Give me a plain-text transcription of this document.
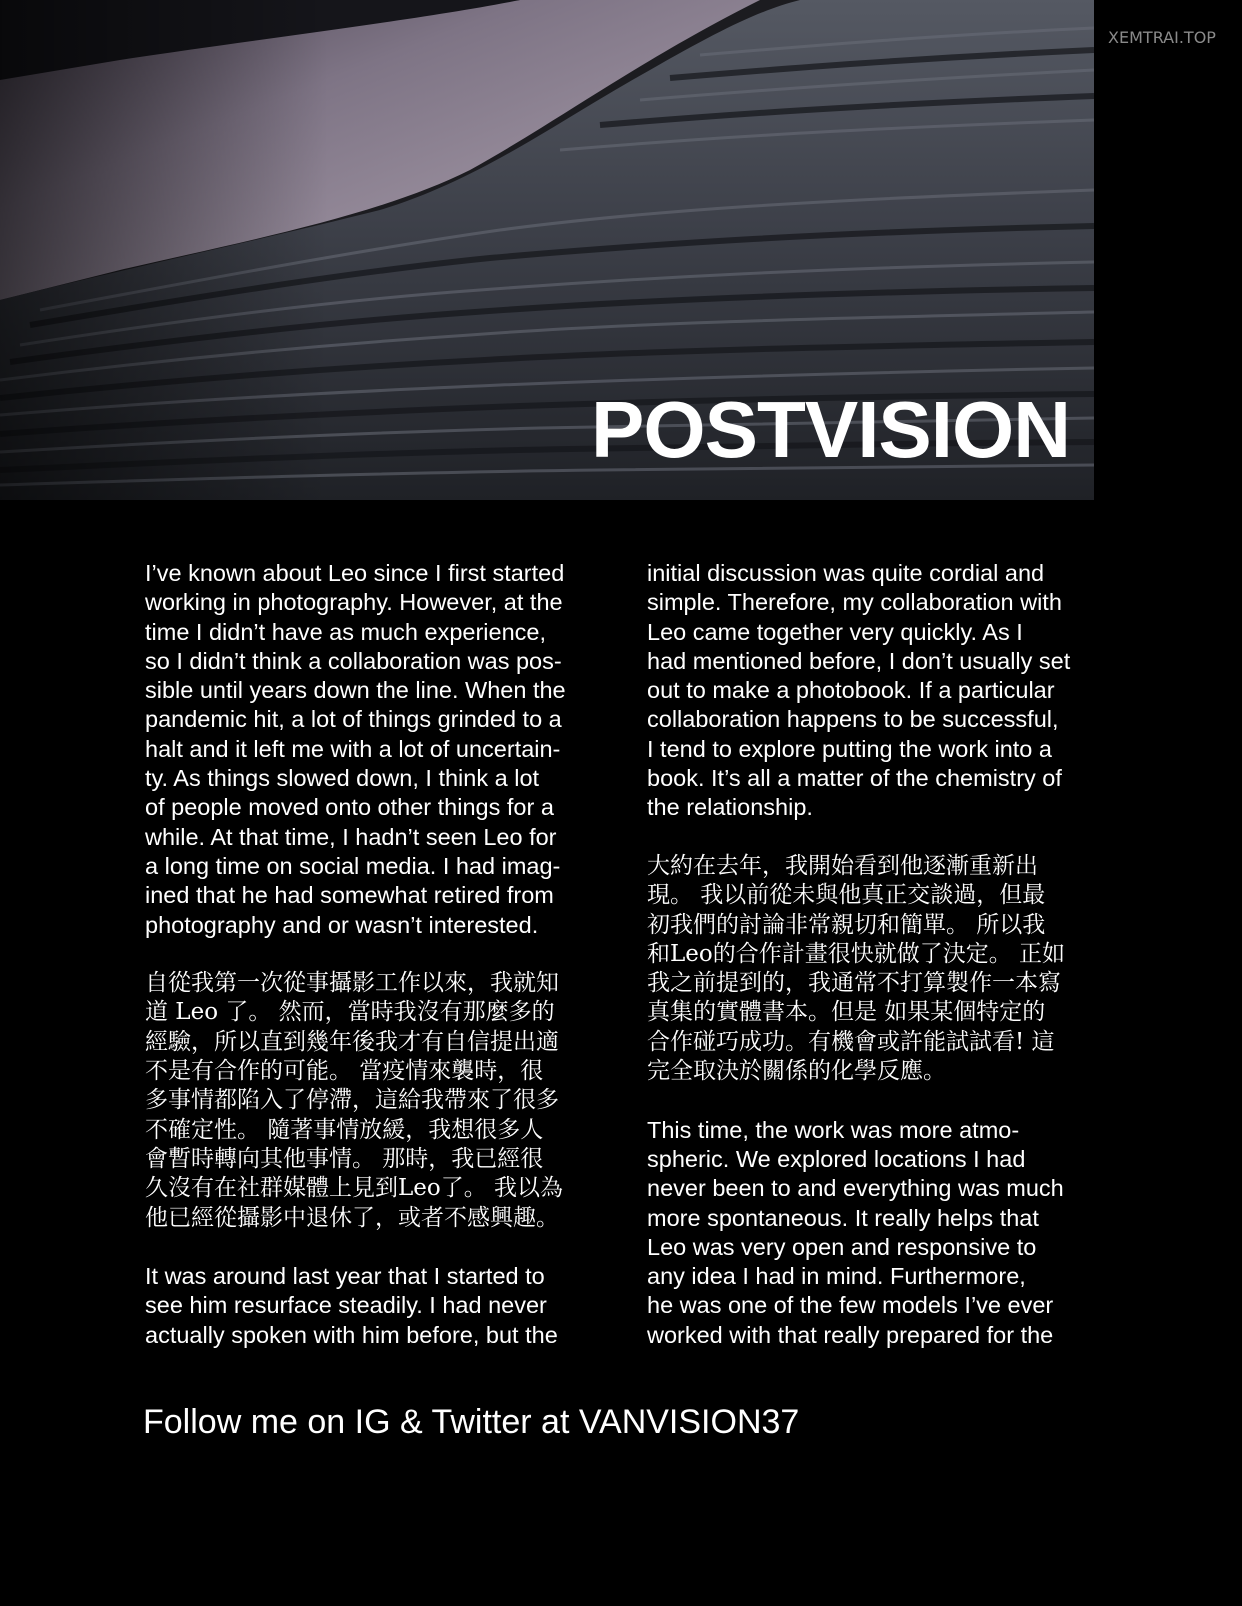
POSTVISION
XEMTRAI.TOP

I’ve known about Leo since I first started
working in photography. However, at the
time I didn’t have as much experience,
so I didn’t think a collaboration was pos-
sible until years down the line. When the
pandemic hit, a lot of things grinded to a
halt and it left me with a lot of uncertain-
ty. As things slowed down, I think a lot
of people moved onto other things for a
while. At that time, I hadn’t seen Leo for
a long time on social media. I had imag-
ined that he had somewhat retired from
photography and or wasn’t interested.

自從我第一次從事攝影工作以來，我就知
道 Leo 了。 然而，當時我沒有那麼多的
經驗，所以直到幾年後我才有自信提出適
不是有合作的可能。 當疫情來襲時，很
多事情都陷入了停滯，這給我帶來了很多
不確定性。 隨著事情放緩，我想很多人
會暫時轉向其他事情。 那時，我已經很
久沒有在社群媒體上見到Leo了。 我以為
他已經從攝影中退休了，或者不感興趣。

It was around last year that I started to
see him resurface steadily. I had never
actually spoken with him before, but the

initial discussion was quite cordial and
simple. Therefore, my collaboration with
Leo came together very quickly. As I
had mentioned before, I don’t usually set
out to make a photobook. If a particular
collaboration happens to be successful,
I tend to explore putting the work into a
book. It’s all a matter of the chemistry of
the relationship.

大約在去年，我開始看到他逐漸重新出
現。 我以前從未與他真正交談過，但最
初我們的討論非常親切和簡單。 所以我
和Leo的合作計畫很快就做了決定。 正如
我之前提到的，我通常不打算製作一本寫
真集的實體書本。但是 如果某個特定的
合作碰巧成功。有機會或許能試試看! 這
完全取決於關係的化學反應。

This time, the work was more atmo-
spheric. We explored locations I had
never been to and everything was much
more spontaneous. It really helps that
Leo was very open and responsive to
any idea I had in mind. Furthermore,
he was one of the few models I’ve ever
worked with that really prepared for the

Follow me on IG & Twitter at VANVISION37
